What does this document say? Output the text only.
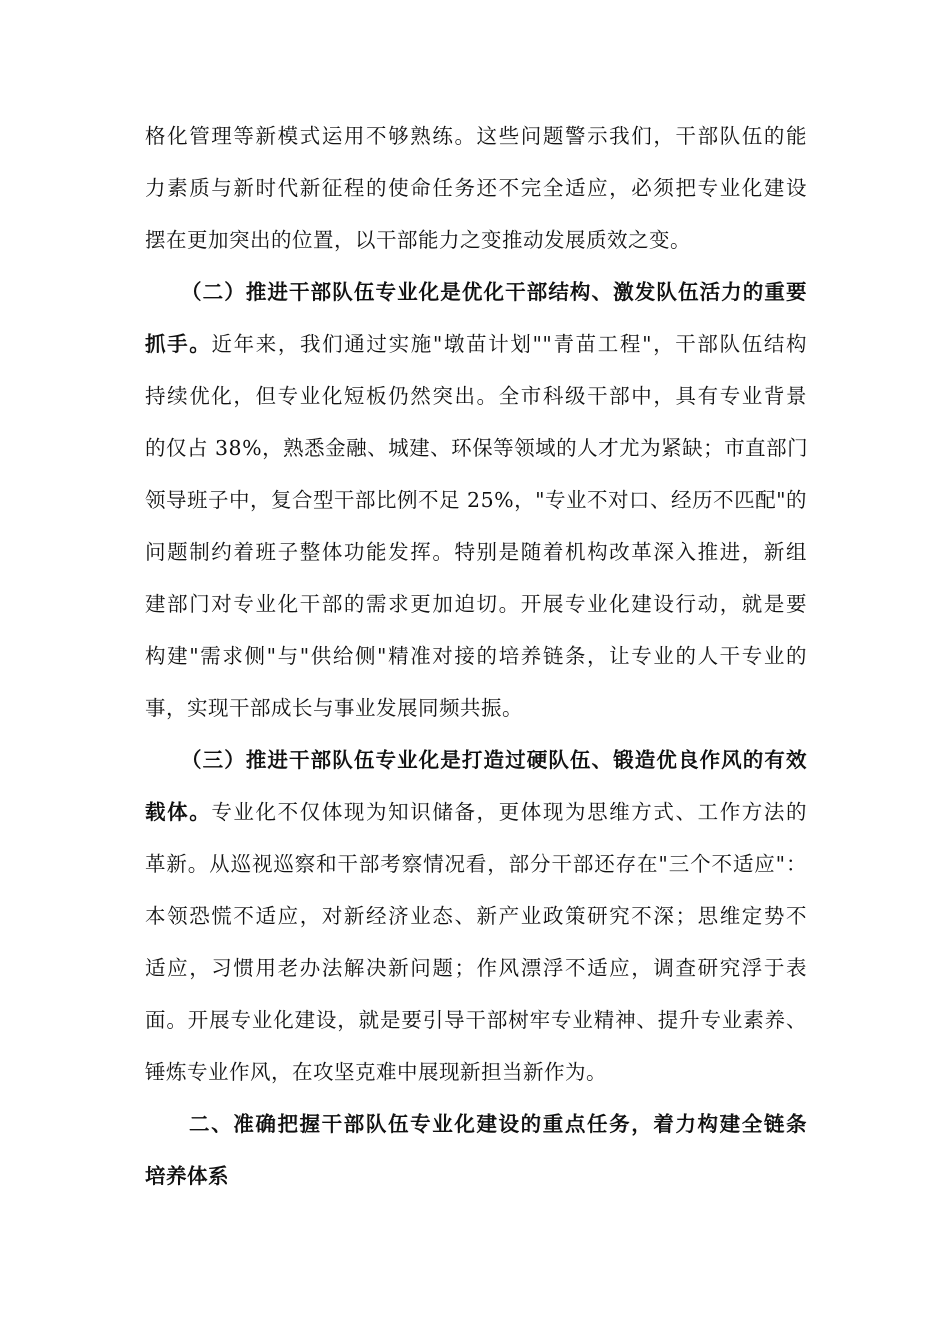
格化管理等新模式运用不够熟练。这些问题警示我们，干部队伍的能
力素质与新时代新征程的使命任务还不完全适应，必须把专业化建设
摆在更加突出的位置，以干部能力之变推动发展质效之变。
（二）推进干部队伍专业化是优化干部结构、激发队伍活力的重要
抓手。近年来，我们通过实施"墩苗计划""青苗工程"，干部队伍结构
持续优化，但专业化短板仍然突出。全市科级干部中，具有专业背景
的仅占 38%，熟悉金融、城建、环保等领域的人才尤为紧缺；市直部门
领导班子中，复合型干部比例不足 25%，"专业不对口、经历不匹配"的
问题制约着班子整体功能发挥。特别是随着机构改革深入推进，新组
建部门对专业化干部的需求更加迫切。开展专业化建设行动，就是要
构建"需求侧"与"供给侧"精准对接的培养链条，让专业的人干专业的
事，实现干部成长与事业发展同频共振。
（三）推进干部队伍专业化是打造过硬队伍、锻造优良作风的有效
载体。专业化不仅体现为知识储备，更体现为思维方式、工作方法的
革新。从巡视巡察和干部考察情况看，部分干部还存在"三个不适应"：
本领恐慌不适应，对新经济业态、新产业政策研究不深；思维定势不
适应，习惯用老办法解决新问题；作风漂浮不适应，调查研究浮于表
面。开展专业化建设，就是要引导干部树牢专业精神、提升专业素养、
锤炼专业作风，在攻坚克难中展现新担当新作为。
二、准确把握干部队伍专业化建设的重点任务，着力构建全链条
培养体系
